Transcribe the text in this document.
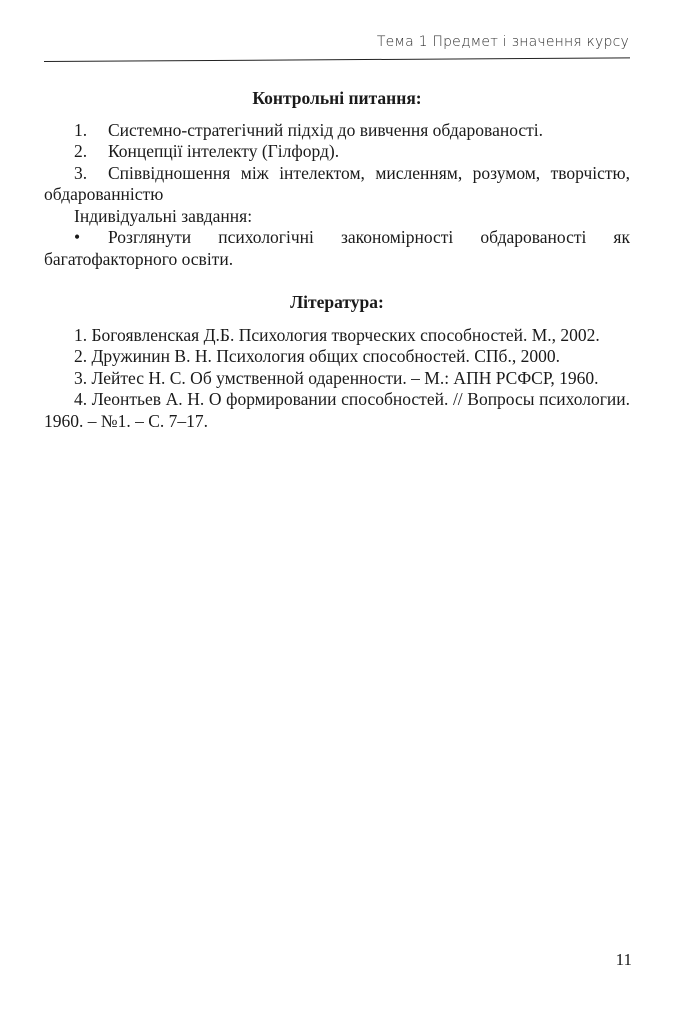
Тема 1 Предмет і значення курсу
Контрольні питання:
1.	Системно-стратегічний підхід до вивчення обдарованості.
2.	Концепції інтелекту (Гілфорд).
3. Співвідношення між інтелектом, мисленням, розумом, творчістю, обдарованністю
Індивідуальні завдання:
• Розглянути психологічні закономірності обдарованості як багатофакторного освіти.
Література:
1. Богоявленская Д.Б. Психология творческих способностей. М., 2002.
2. Дружинин В. Н. Психология общих способностей. СПб., 2000.
3. Лейтес Н. С. Об умственной одаренности. – М.: АПН РСФСР, 1960.
4. Леонтьев А. Н. О формировании способностей. // Вопросы психологии. 1960. – №1. – С. 7–17.
11
